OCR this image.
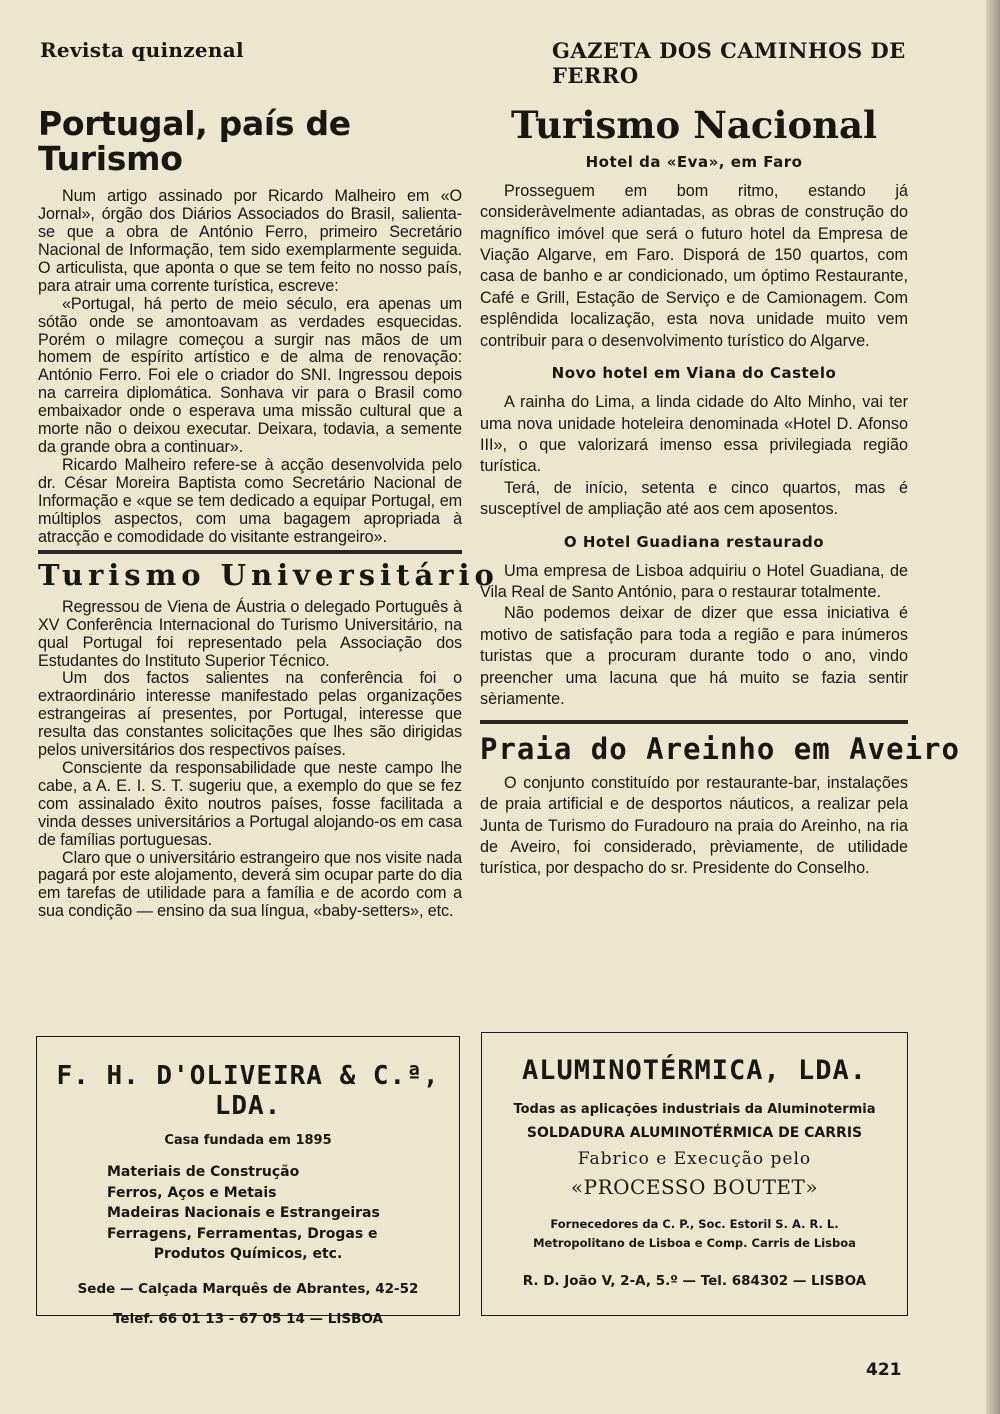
Revista quinzenal	GAZETA DOS CAMINHOS DE FERRO
Portugal, país de Turismo

Num artigo assinado por Ricardo Malheiro em «O Jornal», órgão dos Diários Associados do Brasil, salienta-se que a obra de António Ferro, primeiro Secretário Nacional de Informação, tem sido exemplarmente seguida. O articulista, que aponta o que se tem feito no nosso país, para atrair uma corrente turística, escreve:

«Portugal, há perto de meio século, era apenas um sótão onde se amontoavam as verdades esquecidas. Porém o milagre começou a surgir nas mãos de um homem de espírito artístico e de alma de renovação: António Ferro. Foi ele o criador do SNI. Ingressou depois na carreira diplomática. Sonhava vir para o Brasil como embaixador onde o esperava uma missão cultural que a morte não o deixou executar. Deixara, todavia, a semente da grande obra a continuar».

Ricardo Malheiro refere-se à acção desenvolvida pelo dr. César Moreira Baptista como Secretário Nacional de Informação e «que se tem dedicado a equipar Portugal, em múltiplos aspectos, com uma bagagem apropriada à atracção e comodidade do visitante estrangeiro».

Turismo Universitário

Regressou de Viena de Áustria o delegado Português à XV Conferência Internacional do Turismo Universitário, na qual Portugal foi representado pela Associação dos Estudantes do Instituto Superior Técnico.

Um dos factos salientes na conferência foi o extraordinário interesse manifestado pelas organizações estrangeiras aí presentes, por Portugal, interesse que resulta das constantes solicitações que lhes são dirigidas pelos universitários dos respectivos países.

Consciente da responsabilidade que neste campo lhe cabe, a A. E. I. S. T. sugeriu que, a exemplo do que se fez com assinalado êxito noutros países, fosse facilitada a vinda desses universitários a Portugal alojando-os em casa de famílias portuguesas.

Claro que o universitário estrangeiro que nos visite nada pagará por este alojamento, deverá sim ocupar parte do dia em tarefas de utilidade para a família e de acordo com a sua condição — ensino da sua língua, «baby-setters», etc.

Turismo Nacional
Hotel da «Eva», em Faro

Prosseguem em bom ritmo, estando já consideràvelmente adiantadas, as obras de construção do magnífico imóvel que será o futuro hotel da Empresa de Viação Algarve, em Faro. Disporá de 150 quartos, com casa de banho e ar condicionado, um óptimo Restaurante, Café e Grill, Estação de Serviço e de Camionagem. Com esplêndida localização, esta nova unidade muito vem contribuir para o desenvolvimento turístico do Algarve.

Novo hotel em Viana do Castelo

A rainha do Lima, a linda cidade do Alto Minho, vai ter uma nova unidade hoteleira denominada «Hotel D. Afonso III», o que valorizará imenso essa privilegiada região turística.

Terá, de início, setenta e cinco quartos, mas é susceptível de ampliação até aos cem aposentos.

O Hotel Guadiana restaurado

Uma empresa de Lisboa adquiriu o Hotel Guadiana, de Vila Real de Santo António, para o restaurar totalmente.

Não podemos deixar de dizer que essa iniciativa é motivo de satisfação para toda a região e para inúmeros turistas que a procuram durante todo o ano, vindo preencher uma lacuna que há muito se fazia sentir sèriamente.

Praia do Areinho em Aveiro

O conjunto constituído por restaurante-bar, instalações de praia artificial e de desportos náuticos, a realizar pela Junta de Turismo do Furadouro na praia do Areinho, na ria de Aveiro, foi considerado, prèviamente, de utilidade turística, por despacho do sr. Presidente do Conselho.

F. H. D'OLIVEIRA & C.ª, LDA.
Casa fundada em 1895
Materiais de Construção
Ferros, Aços e Metais
Madeiras Nacionais e Estrangeiras
Ferragens, Ferramentas, Drogas e
Produtos Químicos, etc.
Sede — Calçada Marquês de Abrantes, 42-52
Telef. 66 01 13 - 67 05 14 — LISBOA
ALUMINOTÉRMICA, LDA.
Todas as aplicações industriais da Aluminotermia
SOLDADURA ALUMINOTÉRMICA DE CARRIS
Fabrico e Execução pelo
«PROCESSO BOUTET»
Fornecedores da C. P., Soc. Estoril S. A. R. L.
Metropolitano de Lisboa e Comp. Carris de Lisboa
R. D. João V, 2-A, 5.º — Tel. 684302 — LISBOA
421
